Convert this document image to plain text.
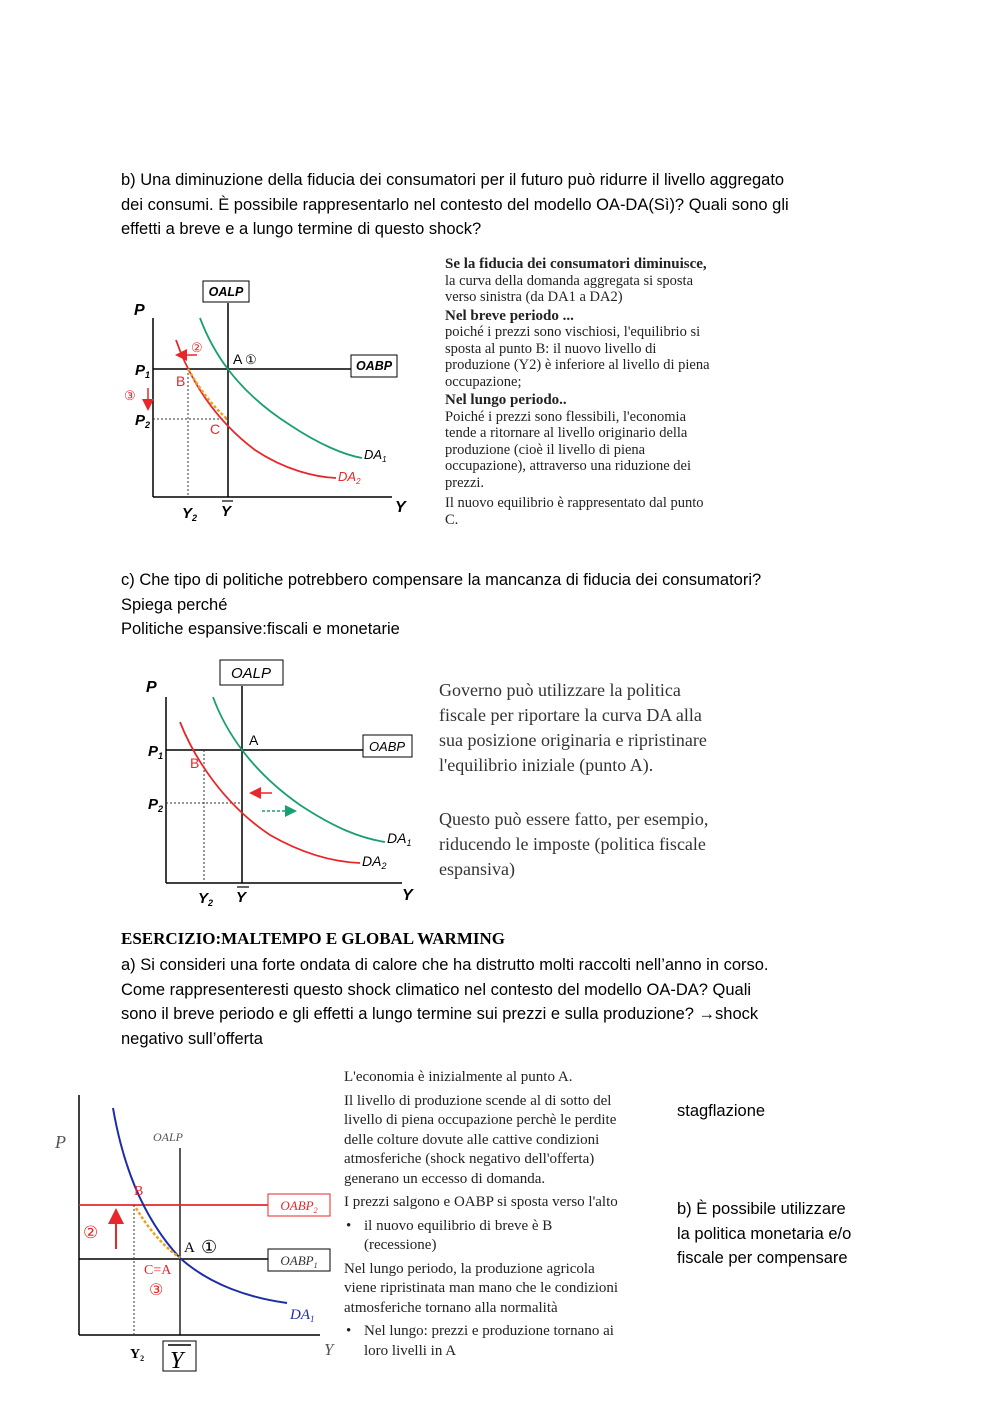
b) Una diminuzione della fiducia dei consumatori per il futuro può ridurre il livello aggregato
dei consumi. È possibile rappresentarlo nel contesto del modello OA-DA(Sì)? Quali sono gli
effetti a breve e a lungo termine di questo shock?
OALP
OABP
②
③
P
$P_1$
$P_2$
A ①
B
C
$DA_1$
$DA_2$
$Y_2$ Y	Y
Se la fiducia dei consumatori diminuisce,
la curva della domanda aggregata si sposta
verso sinistra (da DA1 a DA2)
Nel breve periodo ...
poiché i prezzi sono vischiosi, l'equilibrio si
sposta al punto B: il nuovo livello di
produzione (Y2) è inferiore al livello di piena
occupazione;
Nel lungo periodo..
Poiché i prezzi sono flessibili, l'economia
tende a ritornare al livello originario della
produzione (cioè il livello di piena
occupazione), attraverso una riduzione dei
prezzi.
Il nuovo equilibrio è rappresentato dal punto
C.
c) Che tipo di politiche potrebbero compensare la mancanza di fiducia dei consumatori?
Spiega perché
Politiche espansive:fiscali e monetarie
OALP
OABP
P
$P_1$
$P_2$
A
B
$DA_1$
$DA_2$
$Y_2$ Y	Y
Governo può utilizzare la politica
fiscale per riportare la curva DA alla
sua posizione originaria e ripristinare
l'equilibrio iniziale (punto A).
Questo può essere fatto, per esempio,
riducendo le imposte (politica fiscale
espansiva)
ESERCIZIO:MALTEMPO E GLOBAL WARMING
a) Si consideri una forte ondata di calore che ha distrutto molti raccolti nell’anno in corso.
Come rappresenteresti questo shock climatico nel contesto del modello OA-DA? Quali
sono il breve periodo e gli effetti a lungo termine sui prezzi e sulla produzione? →shock
negativo sull’offerta
OALP
$OABP_2$
$OABP_1$
②
B
A ①
C=A
③
$DA_1$
$Y_2$ Y
P
Y

L'economia è inizialmente al punto A.

Il livello di produzione scende al di sotto del
livello di piena occupazione perchè le perdite
delle colture dovute alle cattive condizioni
atmosferiche (shock negativo dell'offerta)
generano un eccesso di domanda.

I prezzi salgono e OABP si sposta verso l'alto

• il nuovo equilibrio di breve è B
(recessione)

Nel lungo periodo, la produzione agricola
viene ripristinata man mano che le condizioni
atmosferiche tornano alla normalità

• Nel lungo: prezzi e produzione tornano ai
loro livelli in A

stagflazione
b) È possibile utilizzare
la politica monetaria e/o
fiscale per compensare
